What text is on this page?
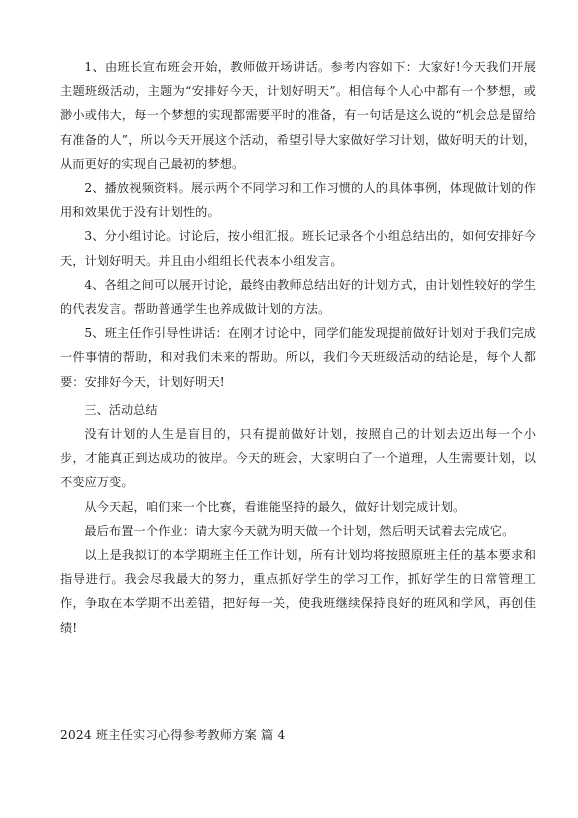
1、由班长宣布班会开始，教师做开场讲话。参考内容如下：大家好!今天我们开展主题班级活动，主题为“安排好今天，计划好明天”。相信每个人心中都有一个梦想，或渺小或伟大，每一个梦想的实现都需要平时的准备，有一句话是这么说的“机会总是留给有准备的人”，所以今天开展这个活动，希望引导大家做好学习计划，做好明天的计划，从而更好的实现自己最初的梦想。

2、播放视频资料。展示两个不同学习和工作习惯的人的具体事例，体现做计划的作用和效果优于没有计划性的。

3、分小组讨论。讨论后，按小组汇报。班长记录各个小组总结出的，如何安排好今天，计划好明天。并且由小组组长代表本小组发言。

4、各组之间可以展开讨论，最终由教师总结出好的计划方式，由计划性较好的学生的代表发言。帮助普通学生也养成做计划的方法。

5、班主任作引导性讲话：在刚才讨论中，同学们能发现提前做好计划对于我们完成一件事情的帮助，和对我们未来的帮助。所以，我们今天班级活动的结论是，每个人都要：安排好今天，计划好明天!

三、活动总结

没有计划的人生是盲目的，只有提前做好计划，按照自己的计划去迈出每一个小步，才能真正到达成功的彼岸。今天的班会，大家明白了一个道理，人生需要计划，以不变应万变。

从今天起，咱们来一个比赛，看谁能坚持的最久，做好计划完成计划。

最后布置一个作业：请大家今天就为明天做一个计划，然后明天试着去完成它。

以上是我拟订的本学期班主任工作计划，所有计划均将按照原班主任的基本要求和指导进行。我会尽我最大的努力，重点抓好学生的学习工作，抓好学生的日常管理工作，争取在本学期不出差错，把好每一关，使我班继续保持良好的班风和学风，再创佳绩!

2024 班主任实习心得参考教师方案 篇 4
